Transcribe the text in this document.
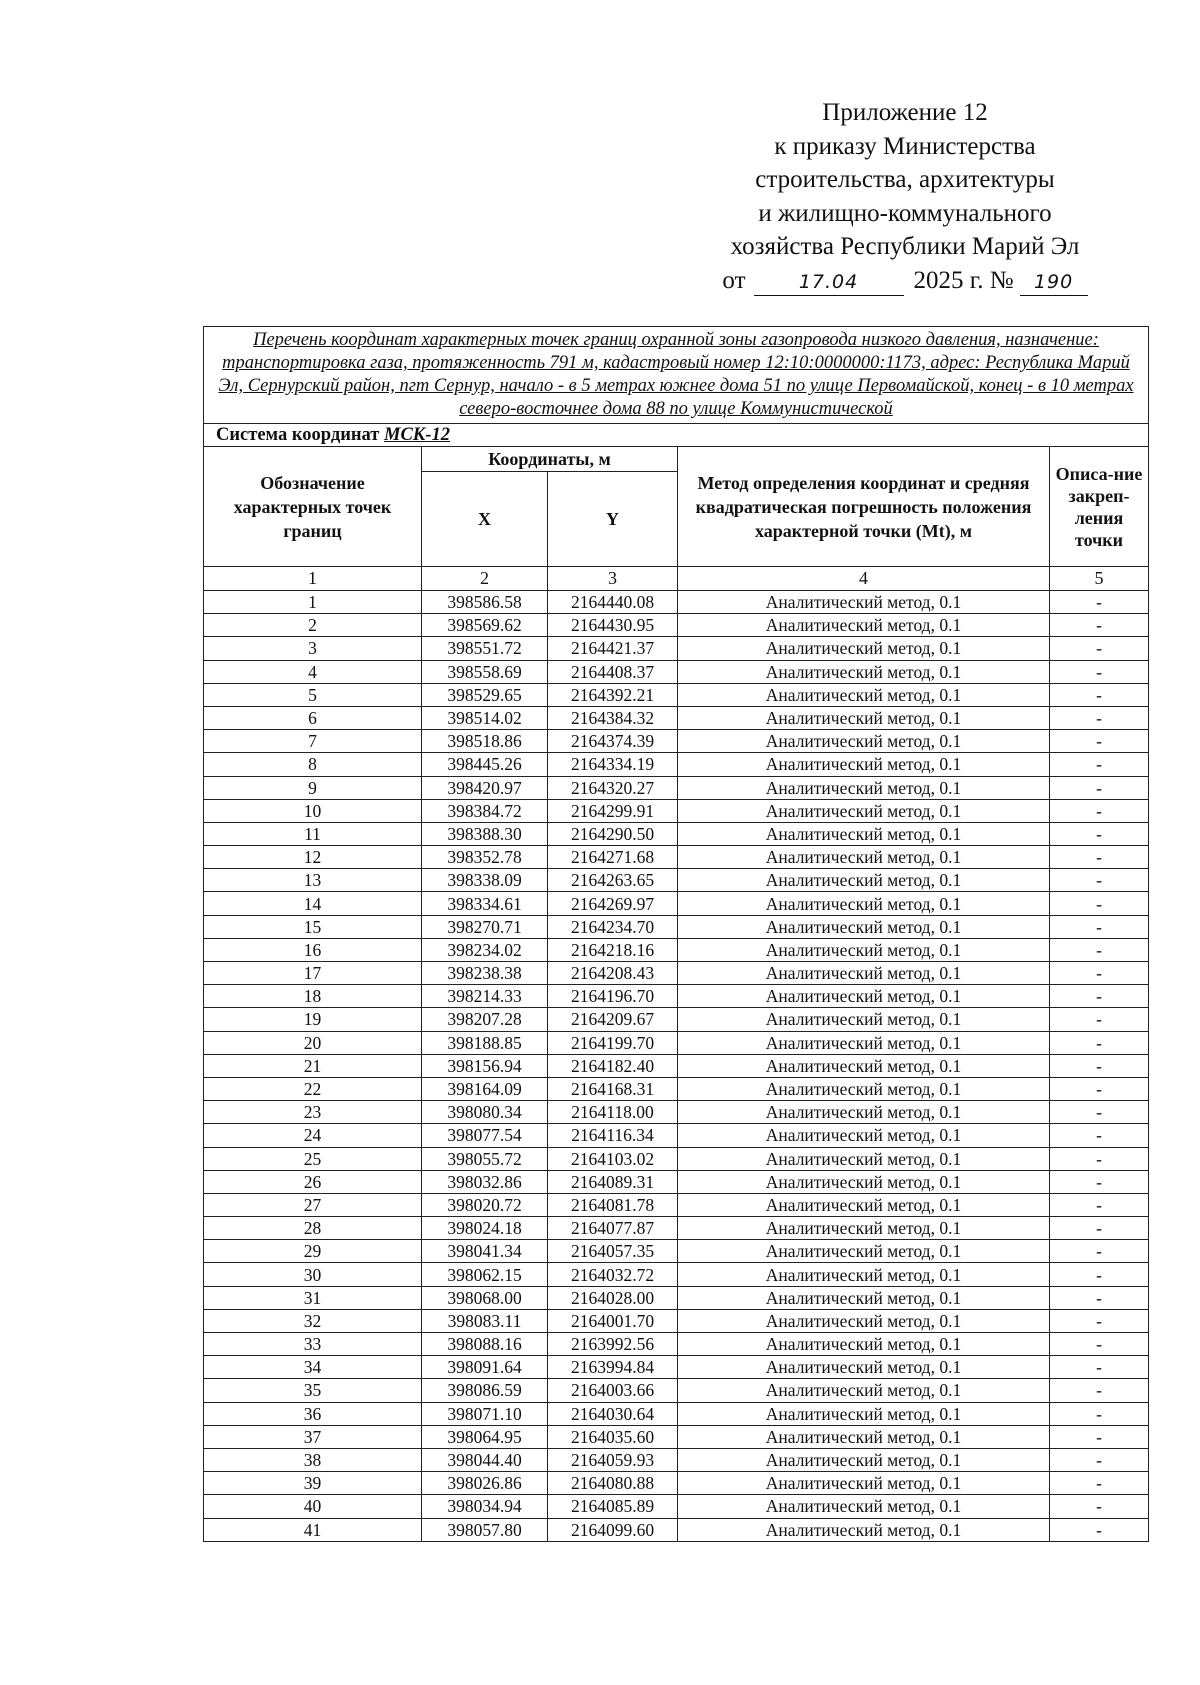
Приложение 12
к приказу Министерства
строительства, архитектуры
и жилищно-коммунального
хозяйства Республики Марий Эл
от	17.04	2025 г. №	190
Перечень координат характерных точек границ охранной зоны газопровода низкого давления, назначение: транспортировка газа, протяженность 791 м, кадастровый номер 12:10:0000000:1173, адрес: Республика Марий Эл, Сернурский район, пгт Сернур, начало - в 5 метрах южнее дома 51 по улице Первомайской, конец - в 10 метрах северо-восточнее дома 88 по улице Коммунистической				
Система координат МСК-12				
Обозначение характерных точек границ	Координаты, м		Метод определения координат и средняя квадратическая погрешность положения характерной точки (Mt), м	Описа-ние закреп-ления точки
	X	Y		
1	2	3	4	5
1	398586.58	2164440.08	Аналитический метод, 0.1	-
2	398569.62	2164430.95	Аналитический метод, 0.1	-
3	398551.72	2164421.37	Аналитический метод, 0.1	-
4	398558.69	2164408.37	Аналитический метод, 0.1	-
5	398529.65	2164392.21	Аналитический метод, 0.1	-
6	398514.02	2164384.32	Аналитический метод, 0.1	-
7	398518.86	2164374.39	Аналитический метод, 0.1	-
8	398445.26	2164334.19	Аналитический метод, 0.1	-
9	398420.97	2164320.27	Аналитический метод, 0.1	-
10	398384.72	2164299.91	Аналитический метод, 0.1	-
11	398388.30	2164290.50	Аналитический метод, 0.1	-
12	398352.78	2164271.68	Аналитический метод, 0.1	-
13	398338.09	2164263.65	Аналитический метод, 0.1	-
14	398334.61	2164269.97	Аналитический метод, 0.1	-
15	398270.71	2164234.70	Аналитический метод, 0.1	-
16	398234.02	2164218.16	Аналитический метод, 0.1	-
17	398238.38	2164208.43	Аналитический метод, 0.1	-
18	398214.33	2164196.70	Аналитический метод, 0.1	-
19	398207.28	2164209.67	Аналитический метод, 0.1	-
20	398188.85	2164199.70	Аналитический метод, 0.1	-
21	398156.94	2164182.40	Аналитический метод, 0.1	-
22	398164.09	2164168.31	Аналитический метод, 0.1	-
23	398080.34	2164118.00	Аналитический метод, 0.1	-
24	398077.54	2164116.34	Аналитический метод, 0.1	-
25	398055.72	2164103.02	Аналитический метод, 0.1	-
26	398032.86	2164089.31	Аналитический метод, 0.1	-
27	398020.72	2164081.78	Аналитический метод, 0.1	-
28	398024.18	2164077.87	Аналитический метод, 0.1	-
29	398041.34	2164057.35	Аналитический метод, 0.1	-
30	398062.15	2164032.72	Аналитический метод, 0.1	-
31	398068.00	2164028.00	Аналитический метод, 0.1	-
32	398083.11	2164001.70	Аналитический метод, 0.1	-
33	398088.16	2163992.56	Аналитический метод, 0.1	-
34	398091.64	2163994.84	Аналитический метод, 0.1	-
35	398086.59	2164003.66	Аналитический метод, 0.1	-
36	398071.10	2164030.64	Аналитический метод, 0.1	-
37	398064.95	2164035.60	Аналитический метод, 0.1	-
38	398044.40	2164059.93	Аналитический метод, 0.1	-
39	398026.86	2164080.88	Аналитический метод, 0.1	-
40	398034.94	2164085.89	Аналитический метод, 0.1	-
41	398057.80	2164099.60	Аналитический метод, 0.1	-
